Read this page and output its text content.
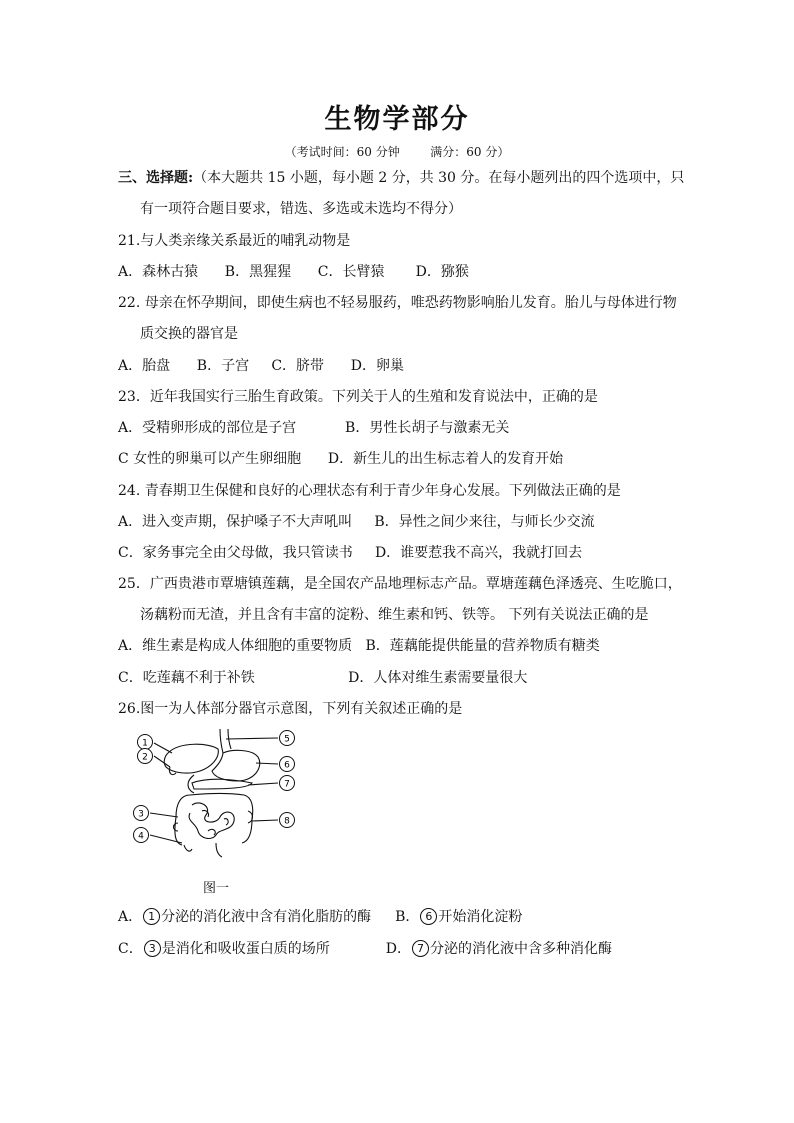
生物学部分
（考试时间：60 分钟        满分：60 分）
三、选择题:（本大题共 15 小题，每小题 2 分，共 30 分。在每小题列出的四个选项中，只
有一项符合题目要求，错选、多选或未选均不得分）
21.与人类亲缘关系最近的哺乳动物是
A．森林古猿      B．黑猩猩      C．长臂猿       D．猕猴
22. 母亲在怀孕期间，即使生病也不轻易服药，唯恐药物影响胎儿发育。胎儿与母体进行物
质交换的器官是
A．胎盘      B．子宫     C．脐带      D．卵巢
23．近年我国实行三胎生育政策。下列关于人的生殖和发育说法中，正确的是
A．受精卵形成的部位是子宫           B．男性长胡子与激素无关
C 女性的卵巢可以产生卵细胞      D．新生儿的出生标志着人的发育开始
24. 青春期卫生保健和良好的心理状态有利于青少年身心发展。下列做法正确的是
A．进入变声期，保护嗓子不大声吼叫     B．异性之间少来往，与师长少交流
C．家务事完全由父母做，我只管读书     D．谁要惹我不高兴，我就打回去
25．广西贵港市覃塘镇莲藕，是全国农产品地理标志产品。覃塘莲藕色泽透亮、生吃脆口，
汤藕粉而无渣，并且含有丰富的淀粉、维生素和钙、铁等。 下列有关说法正确的是
A．维生素是构成人体细胞的重要物质   B．莲藕能提供能量的营养物质有糖类
C．吃莲藕不利于补铁                     D．人体对维生素需要量很大
26.图一为人体部分器官示意图，下列有关叙述正确的是
1
2
3
4
5
6
7
8
图一
A． 1 分泌的消化液中含有消化脂肪的酶 B． 6 开始消化淀粉
C． 3 是消化和吸收蛋白质的场所	D． 7 分泌的消化液中含多种消化酶
